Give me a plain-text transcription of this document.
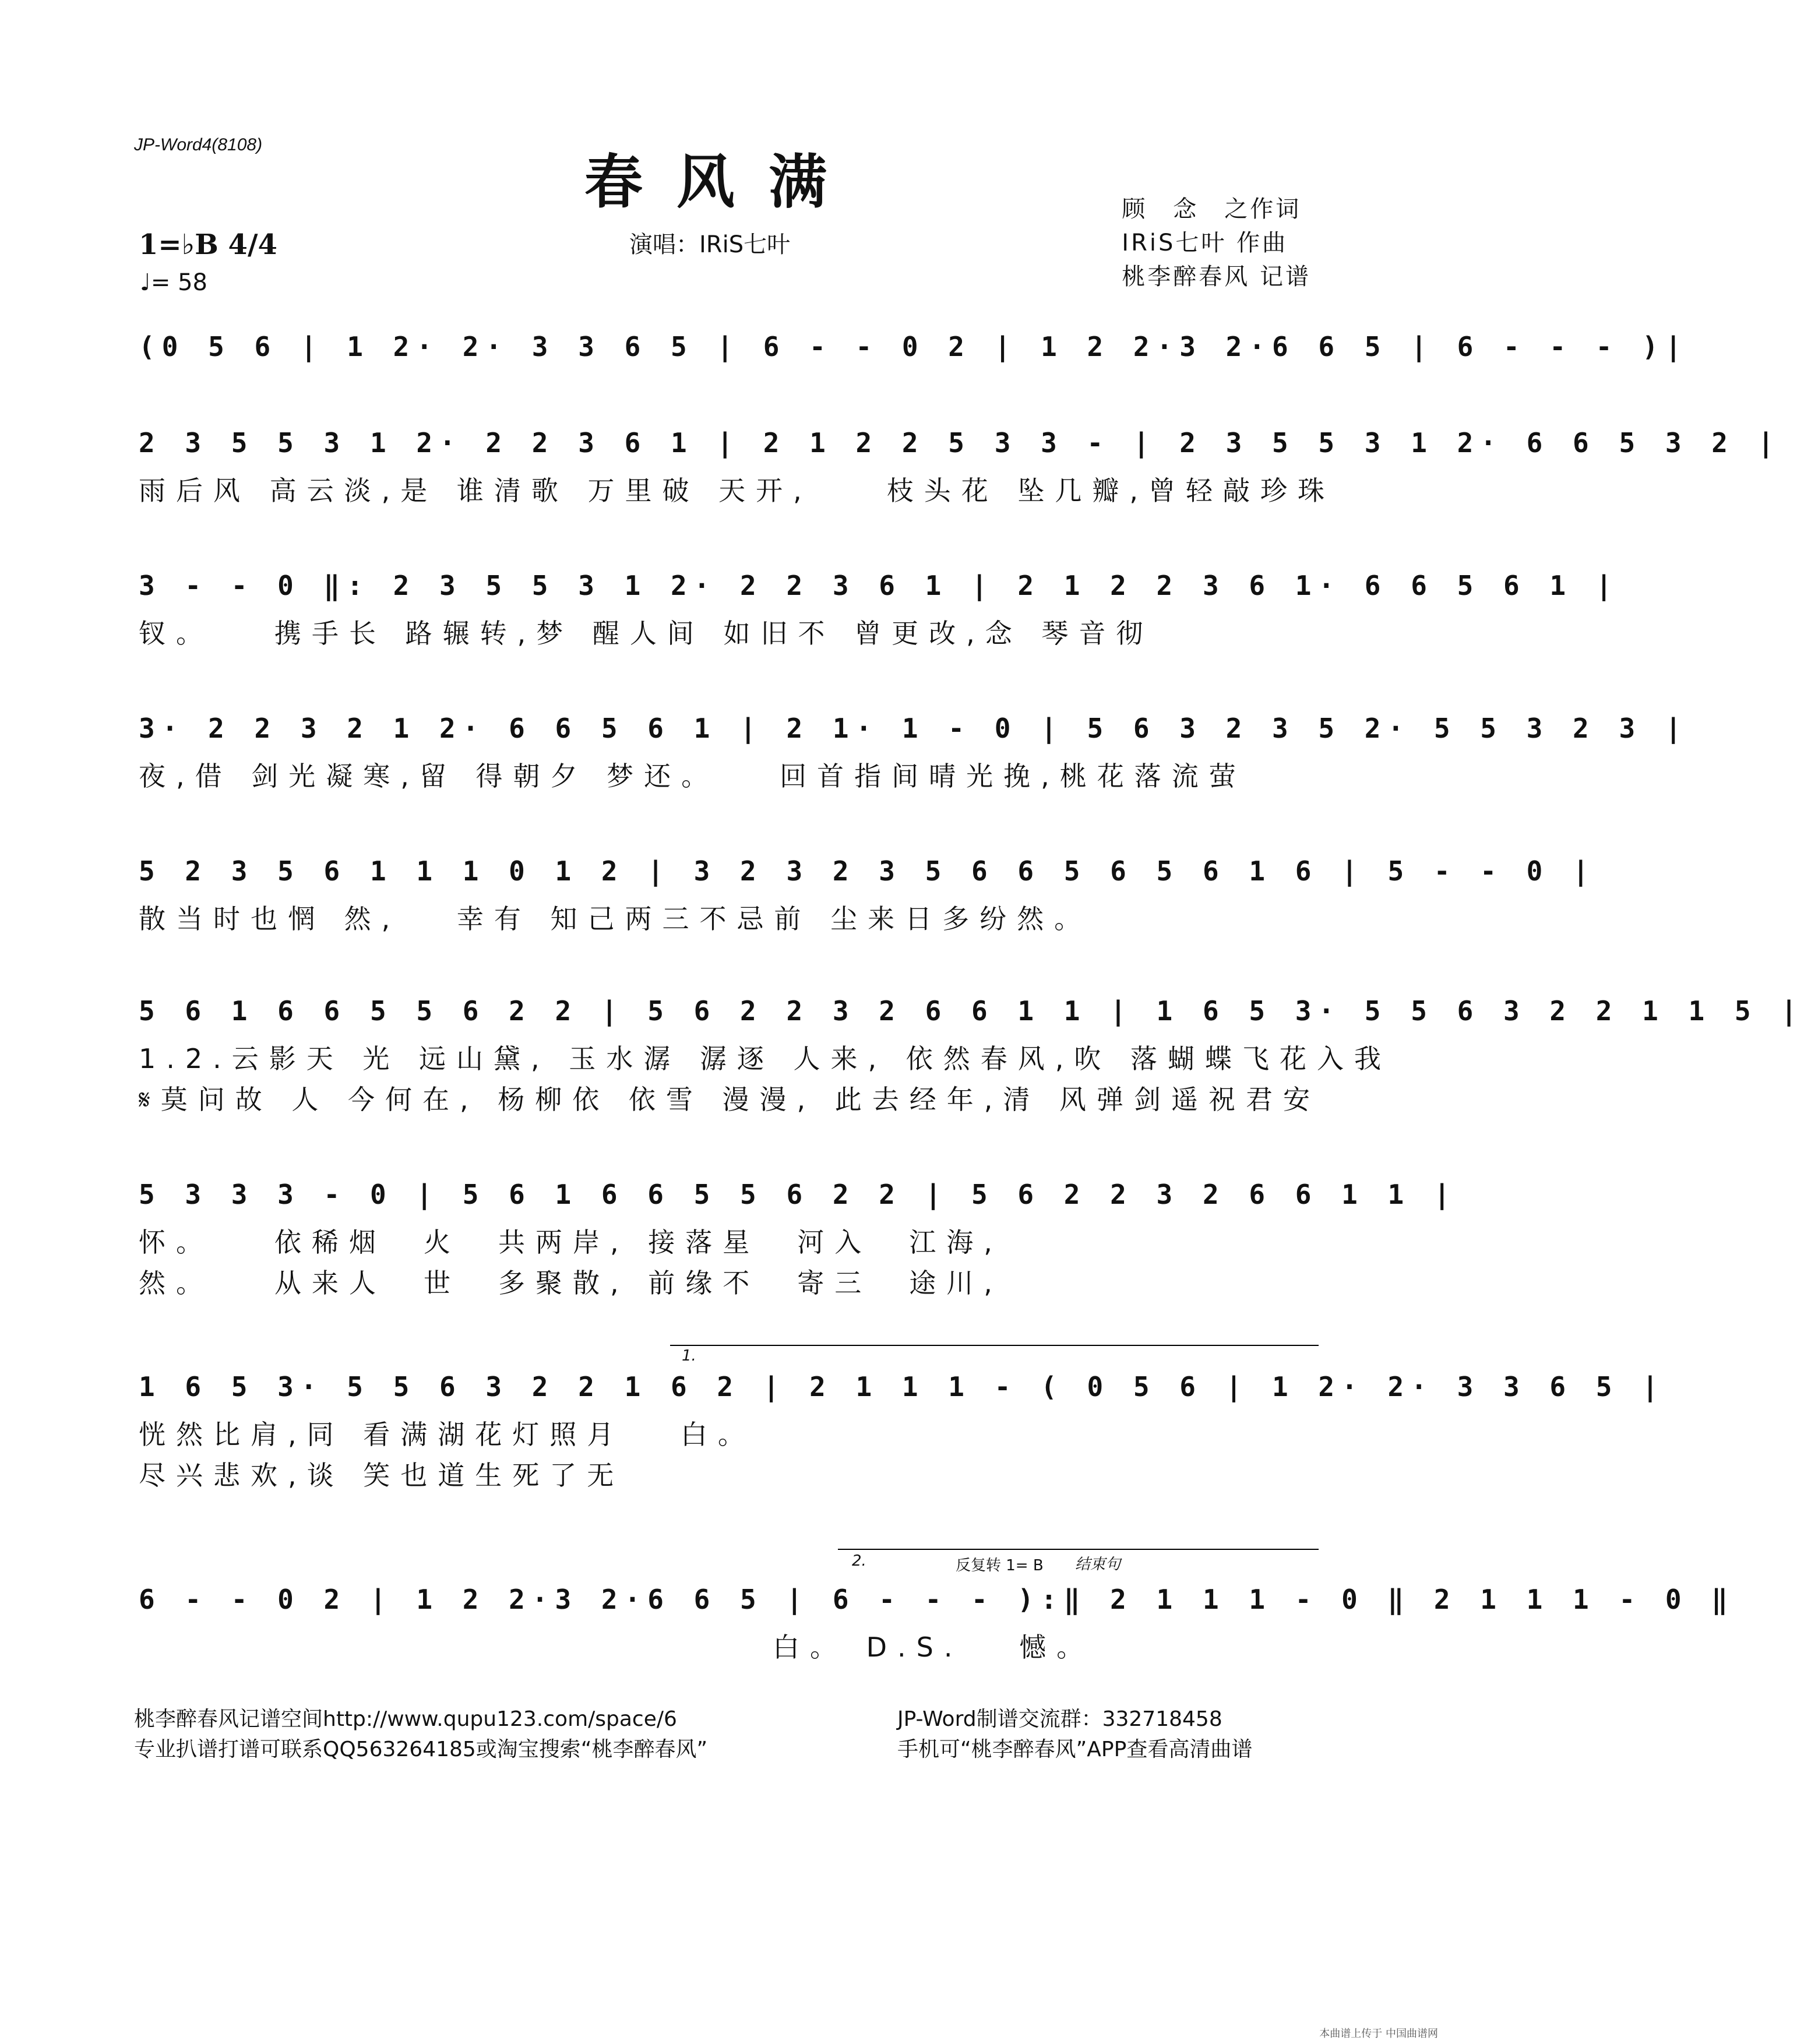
JP-Word4(8108)
春风满
演唱：IRiS七叶
顾　念　之作词
IRiS七叶 作曲
桃李醉春风 记谱
1=♭B 4/4
♩= 58
(0 5 6 | 1 2· 2· 3 3 6 5 | 6 - - 0 2 | 1 2 2·3 2·6 6 5 | 6 - - - )|
2 3 5 5 3 1 2· 2 2 3 6 1 | 2 1 2 2 5 3 3 - | 2 3 5 5 3 1 2· 6 6 5 3 2 |
雨后风 高云淡,是 谁清歌 万里破 天开,　　枝头花 坠几瓣,曾轻敲珍珠
3 - - 0 ‖: 2 3 5 5 3 1 2· 2 2 3 6 1 | 2 1 2 2 3 6 1· 6 6 5 6 1 |
钗。　　携手长 路辗转,梦 醒人间 如旧不 曾更改,念 琴音彻
3· 2 2 3 2 1 2· 6 6 5 6 1 | 2 1· 1 - 0 | 5 6 3 2 3 5 2· 5 5 3 2 3 |
夜,借 剑光凝寒,留 得朝夕 梦还。　　回首指间晴光挽,桃花落流萤
5 2 3 5 6 1 1 1 0 1 2 | 3 2 3 2 3 5 6 6 5 6 5 6 1 6 | 5 - - 0 |
散当时也惘 然,　 幸有 知己两三不忌前 尘来日多纷然。
5 6 1 6 6 5 5 6 2 2 | 5 6 2 2 3 2 6 6 1 1 | 1 6 5 3· 5 5 6 3 2 2 1 1 5 |
1.2.云影天 光 远山黛, 玉水潺 潺逐 人来, 依然春风,吹 落蝴蝶飞花入我
𝄋莫问故 人 今何在, 杨柳依 依雪 漫漫, 此去经年,清 风弹剑遥祝君安
5 3 3 3 - 0 | 5 6 1 6 6 5 5 6 2 2 | 5 6 2 2 3 2 6 6 1 1 |
怀。　　依稀烟　火　共两岸, 接落星　河入　江海,
然。　　从来人　世　多聚散, 前缘不　寄三　途川,
1.
1 6 5 3· 5 5 6 3 2 2 1 6 2 | 2 1 1 1 - ( 0 5 6 | 1 2· 2· 3 3 6 5 |
恍然比肩,同 看满湖花灯照月 　白。
尽兴悲欢,谈 笑也道生死了无
2.	反复转 1= B 结束句
6 - - 0 2 | 1 2 2·3 2·6 6 5 | 6 - - - ):‖ 2 1 1 1 - 0 ‖ 2 1 1 1 - 0 ‖
　　　　　　　　　　　　　　　　　白。 D.S.　 憾。
桃李醉春风记谱空间http://www.qupu123.com/space/6
专业扒谱打谱可联系QQ563264185或淘宝搜索“桃李醉春风”
JP-Word制谱交流群：332718458
手机可“桃李醉春风”APP查看高清曲谱
本曲谱上传于 中国曲谱网
